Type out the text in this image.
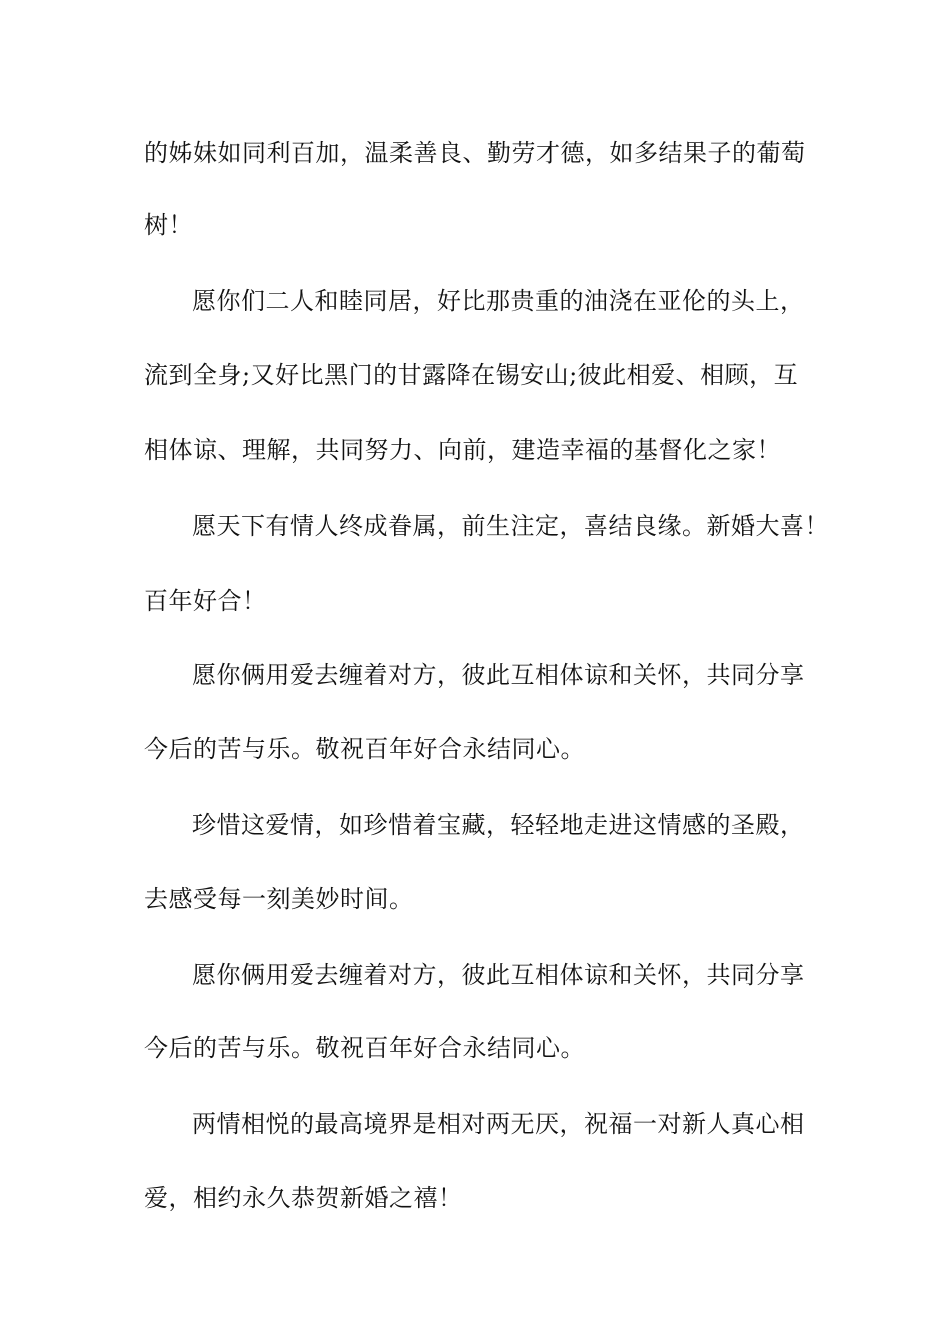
的姊妹如同利百加，温柔善良、勤劳才德，如多结果子的葡萄
树！
愿你们二人和睦同居，好比那贵重的油浇在亚伦的头上，
流到全身;又好比黑门的甘露降在锡安山;彼此相爱、相顾，互
相体谅、理解，共同努力、向前，建造幸福的基督化之家！
愿天下有情人终成眷属，前生注定，喜结良缘。新婚大喜！
百年好合！
愿你俩用爱去缠着对方，彼此互相体谅和关怀，共同分享
今后的苦与乐。敬祝百年好合永结同心。
珍惜这爱情，如珍惜着宝藏，轻轻地走进这情感的圣殿，
去感受每一刻美妙时间。
愿你俩用爱去缠着对方，彼此互相体谅和关怀，共同分享
今后的苦与乐。敬祝百年好合永结同心。
两情相悦的最高境界是相对两无厌，祝福一对新人真心相
爱，相约永久恭贺新婚之禧！
